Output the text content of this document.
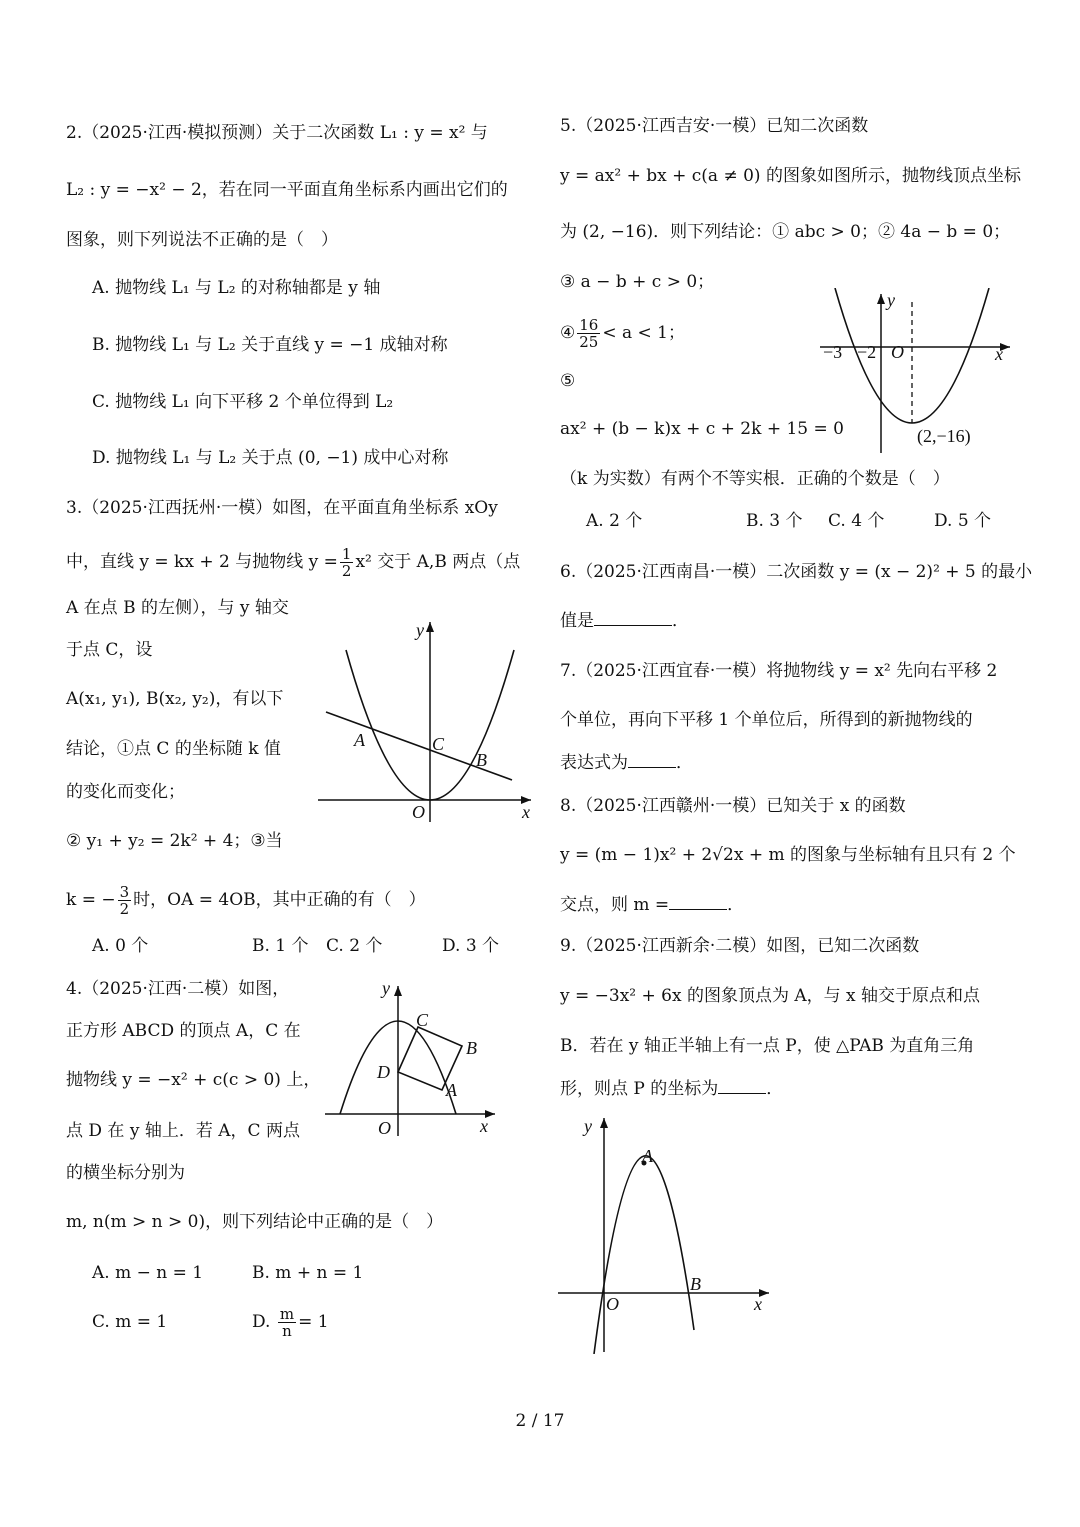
2.（2025·江西·模拟预测）关于二次函数 L₁ : y = x² 与
L₂ : y = −x² − 2，若在同一平面直角坐标系内画出它们的
图象，则下列说法不正确的是（　）
A. 抛物线 L₁ 与 L₂ 的对称轴都是 y 轴
B. 抛物线 L₁ 与 L₂ 关于直线 y = −1 成轴对称
C. 抛物线 L₁ 向下平移 2 个单位得到 L₂
D. 抛物线 L₁ 与 L₂ 关于点 (0, −1) 成中心对称
3.（2025·江西抚州·一模）如图，在平面直角坐标系 xOy
中，直线 y = kx + 2 与抛物线 $y = \frac{1}{2} x^2$ 交于 A,B 两点（点
A 在点 B 的左侧），与 y 轴交
于点 C，设
A(x₁, y₁), B(x₂, y₂)，有以下
结论，①点 C 的坐标随 k 值
的变化而变化；
② y₁ + y₂ = 2k² + 4；③当
k = − $\frac{3}{2}$ 时，OA = 4OB，其中正确的有（　）
A. 0 个	B. 1 个 C. 2 个	D. 3 个
y
x
A	C
B
O
4.（2025·江西·二模）如图，
正方形 ABCD 的顶点 A，C 在
抛物线 y = −x² + c(c > 0) 上，
点 D 在 y 轴上．若 A，C 两点
的横坐标分别为
m, n(m > n > 0)，则下列结论中正确的是（　）
A. m − n = 1	B. m + n = 1
C. m = 1	D. $\frac{m}{n} = 1$
y
x
C
B
D
A
O
5.（2025·江西吉安·一模）已知二次函数
y = ax² + bx + c(a ≠ 0) 的图象如图所示，抛物线顶点坐标
为 (2, −16)．则下列结论：① abc > 0；② 4a − b = 0；
③ a − b + c > 0；
④ $\frac{16}{25} < a < 1$；
⑤
ax² + (b − k)x + c + 2k + 15 = 0
（k 为实数）有两个不等实根．正确的个数是（　）
A. 2 个	B. 3 个 C. 4 个	D. 5 个
y
x
−3 −2 O
(2,−16)
6.（2025·江西南昌·一模）二次函数 y = (x − 2)² + 5 的最小
值是	．
7.（2025·江西宜春·一模）将抛物线 y = x² 先向右平移 2
个单位，再向下平移 1 个单位后，所得到的新抛物线的
表达式为	．
8.（2025·江西赣州·一模）已知关于 x 的函数
y = (m − 1)x² + 2√2x + m 的图象与坐标轴有且只有 2 个
交点，则 m =	．
9.（2025·江西新余·二模）如图，已知二次函数
y = −3x² + 6x 的图象顶点为 A，与 x 轴交于原点和点
B．若在 y 轴正半轴上有一点 P，使 △PAB 为直角三角
形，则点 P 的坐标为	．
y
x
A
B
O
2 / 17
